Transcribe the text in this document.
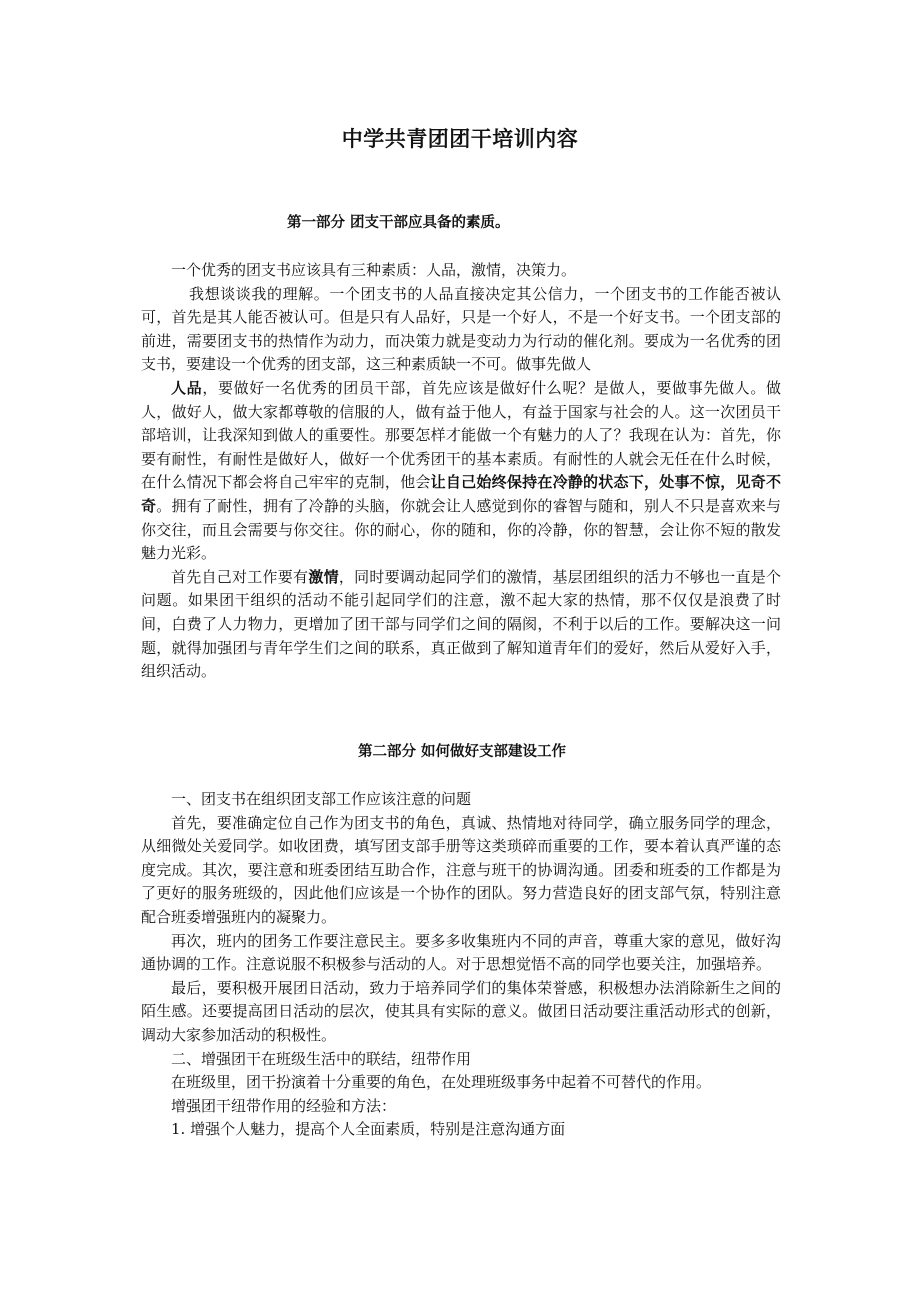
中学共青团团干培训内容
第一部分 团支干部应具备的素质。

一个优秀的团支书应该具有三种素质：人品，激情，决策力。

我想谈谈我的理解。一个团支书的人品直接决定其公信力，一个团支书的工作能否被认可，首先是其人能否被认可。但是只有人品好，只是一个好人，不是一个好支书。一个团支部的前进，需要团支书的热情作为动力，而决策力就是变动力为行动的催化剂。要成为一名优秀的团支书，要建设一个优秀的团支部，这三种素质缺一不可。做事先做人

人品，要做好一名优秀的团员干部，首先应该是做好什么呢？是做人，要做事先做人。做人，做好人，做大家都尊敬的信服的人，做有益于他人，有益于国家与社会的人。这一次团员干部培训，让我深知到做人的重要性。那要怎样才能做一个有魅力的人了？我现在认为：首先，你要有耐性，有耐性是做好人，做好一个优秀团干的基本素质。有耐性的人就会无任在什么时候，在什么情况下都会将自己牢牢的克制，他会让自己始终保持在冷静的状态下，处事不惊，见奇不奇。拥有了耐性，拥有了冷静的头脑，你就会让人感觉到你的睿智与随和，别人不只是喜欢来与你交往，而且会需要与你交往。你的耐心，你的随和，你的冷静，你的智慧，会让你不短的散发魅力光彩。

首先自己对工作要有激情，同时要调动起同学们的激情，基层团组织的活力不够也一直是个问题。如果团干组织的活动不能引起同学们的注意，激不起大家的热情，那不仅仅是浪费了时间，白费了人力物力，更增加了团干部与同学们之间的隔阂，不利于以后的工作。要解决这一问题，就得加强团与青年学生们之间的联系，真正做到了解知道青年们的爱好，然后从爱好入手，组织活动。

第二部分 如何做好支部建设工作

一、团支书在组织团支部工作应该注意的问题

首先，要准确定位自己作为团支书的角色，真诚、热情地对待同学，确立服务同学的理念，从细微处关爱同学。如收团费，填写团支部手册等这类琐碎而重要的工作，要本着认真严谨的态度完成。其次，要注意和班委团结互助合作，注意与班干的协调沟通。团委和班委的工作都是为了更好的服务班级的，因此他们应该是一个协作的团队。努力营造良好的团支部气氛，特别注意配合班委增强班内的凝聚力。

再次，班内的团务工作要注意民主。要多多收集班内不同的声音，尊重大家的意见，做好沟通协调的工作。注意说服不积极参与活动的人。对于思想觉悟不高的同学也要关注，加强培养。

最后，要积极开展团日活动，致力于培养同学们的集体荣誉感，积极想办法消除新生之间的陌生感。还要提高团日活动的层次，使其具有实际的意义。做团日活动要注重活动形式的创新，调动大家参加活动的积极性。

二、增强团干在班级生活中的联结，纽带作用

在班级里，团干扮演着十分重要的角色，在处理班级事务中起着不可替代的作用。

增强团干纽带作用的经验和方法：

1. 增强个人魅力，提高个人全面素质，特别是注意沟通方面
